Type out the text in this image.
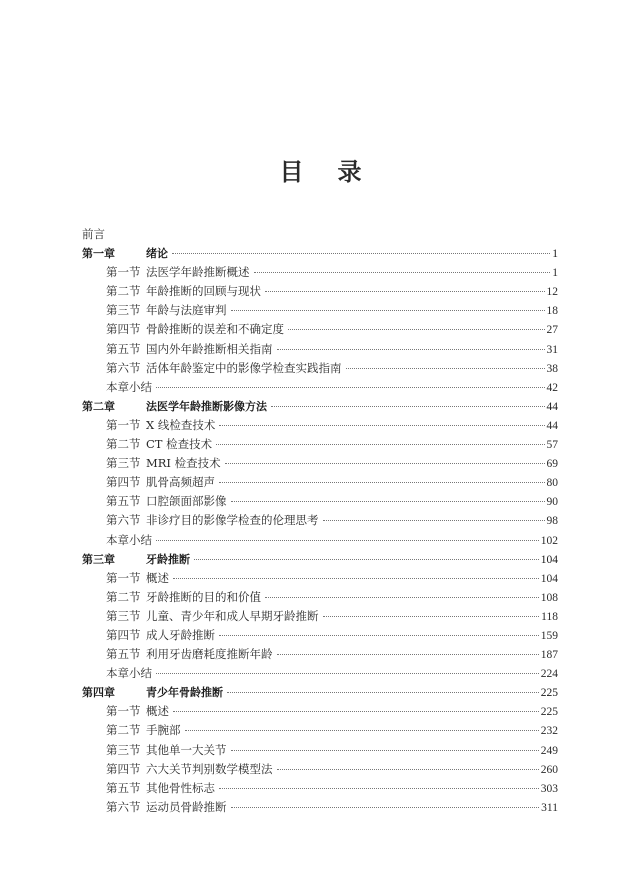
目 录
前言
第一章	绪论	1
第一节 法医学年龄推断概述	1
第二节 年龄推断的回顾与现状	12
第三节 年龄与法庭审判	18
第四节 骨龄推断的误差和不确定度	27
第五节 国内外年龄推断相关指南	31
第六节 活体年龄鉴定中的影像学检查实践指南	38
本章小结	42
第二章	法医学年龄推断影像方法	44
第一节 X 线检查技术	44
第二节 CT 检查技术	57
第三节 MRI 检查技术	69
第四节 肌骨高频超声	80
第五节 口腔颌面部影像	90
第六节 非诊疗目的影像学检查的伦理思考	98
本章小结	102
第三章	牙龄推断	104
第一节 概述	104
第二节 牙龄推断的目的和价值	108
第三节 儿童、青少年和成人早期牙龄推断	118
第四节 成人牙龄推断	159
第五节 利用牙齿磨耗度推断年龄	187
本章小结	224
第四章	青少年骨龄推断	225
第一节 概述	225
第二节 手腕部	232
第三节 其他单一大关节	249
第四节 六大关节判别数学模型法	260
第五节 其他骨性标志	303
第六节 运动员骨龄推断	311
